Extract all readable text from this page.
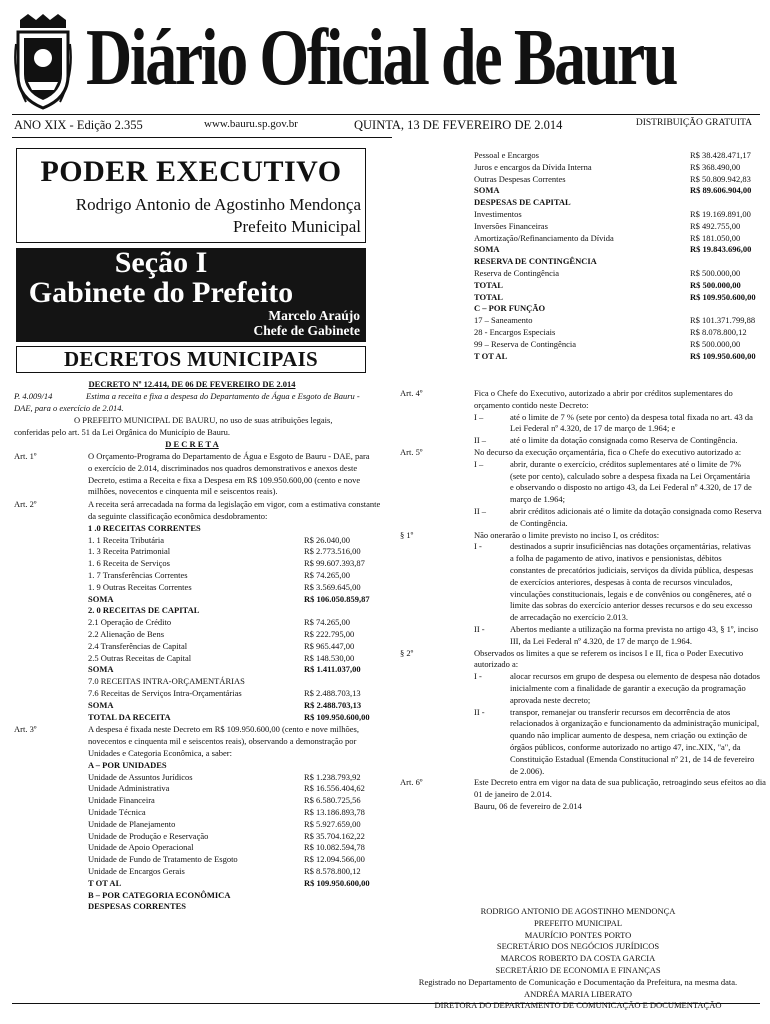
Diário Oficial de Bauru
ANO XIX - Edição 2.355	www.bauru.sp.gov.br	QUINTA, 13 DE FEVEREIRO DE 2.014	DISTRIBUIÇÃO GRATUITA
PODER EXECUTIVO
Rodrigo Antonio de Agostinho Mendonça
Prefeito Municipal
Seção I
Gabinete do Prefeito
Marcelo Araújo
Chefe de Gabinete
DECRETOS MUNICIPAIS
DECRETO Nº 12.414, DE 06 DE FEVEREIRO DE 2.014
P. 4.009/14	Estima a receita e fixa a despesa do Departamento de Água e Esgoto de Bauru -
DAE, para o exercício de 2.014.
O PREFEITO MUNICIPAL DE BAURU, no uso de suas atribuições legais,
conferidas pelo art. 51 da Lei Orgânica do Município de Bauru.
D E C R E T A
O Orçamento-Programa do Departamento de Água e Esgoto de Bauru - DAE, para
Art. 1º
o exercício de 2.014, discriminados nos quadros demonstrativos e anexos deste
Decreto, estima a Receita e fixa a Despesa em R$ 109.950.600,00 (cento e nove
milhões, novecentos e cinquenta mil e seiscentos reais).
A receita será arrecadada na forma da legislação em vigor, com a estimativa constante
Art. 2º
da seguinte classificação econômica desdobramento:
1 .0 RECEITAS CORRENTES
1. 1 Receita Tributária	R$ 26.040,00
1. 3 Receita Patrimonial	R$ 2.773.516,00
1. 6 Receita de Serviços	R$ 99.607.393,87
1. 7 Transferências Correntes	R$ 74.265,00
1. 9 Outras Receitas Correntes	R$ 3.569.645,00
SOMA	R$ 106.050.859,87
2. 0 RECEITAS DE CAPITAL
2.1 Operação de Crédito	R$ 74.265,00
2.2 Alienação de Bens	R$ 222.795,00
2.4 Transferências de Capital	R$ 965.447,00
2.5 Outras Receitas de Capital	R$ 148.530,00
SOMA	R$ 1.411.037,00
7.0 RECEITAS INTRA-ORÇAMENTÁRIAS
7.6 Receitas de Serviços Intra-Orçamentárias	R$ 2.488.703,13
SOMA	R$ 2.488.703,13
TOTAL DA RECEITA	R$ 109.950.600,00
A despesa é fixada neste Decreto em R$ 109.950.600,00 (cento e nove milhões,
Art. 3º
novecentos e cinquenta mil e seiscentos reais), observando a demonstração por
Unidades e Categoria Econômica, a saber:
A – POR UNIDADES
Unidade de Assuntos Jurídicos	R$ 1.238.793,92
Unidade Administrativa	R$ 16.556.404,62
Unidade Financeira	R$ 6.580.725,56
Unidade Técnica	R$ 13.186.893,78
Unidade de Planejamento	R$ 5.927.659,00
Unidade de Produção e Reservação	R$ 35.704.162,22
Unidade de Apoio Operacional	R$ 10.082.594,78
Unidade de Fundo de Tratamento de Esgoto	R$ 12.094.566,00
Unidade de Encargos Gerais	R$ 8.578.800,12
T OT AL	R$ 109.950.600,00
B – POR CATEGORIA ECONÔMICA
DESPESAS CORRENTES
Pessoal e Encargos	R$ 38.428.471,17
Juros e encargos da Dívida Interna	R$ 368.490,00
Outras Despesas Correntes	R$ 50.809.942,83
SOMA	R$ 89.606.904,00
DESPESAS DE CAPITAL
Investimentos	R$ 19.169.891,00
Inversões Financeiras	R$ 492.755,00
Amortização/Refinanciamento da Dívida	R$ 181.050,00
SOMA	R$ 19.843.696,00
RESERVA DE CONTINGÊNCIA
Reserva de Contingência	R$ 500.000,00
TOTAL	R$ 500.000,00
TOTAL	R$ 109.950.600,00
C – POR FUNÇÃO
17 – Saneamento	R$ 101.371.799,88
28 - Encargos Especiais	R$ 8.078.800,12
99 – Reserva de Contingência	R$ 500.000,00
T OT AL	R$ 109.950.600,00
Fica o Chefe do Executivo, autorizado a abrir por créditos suplementares do
Art. 4º
orçamento contido neste Decreto:
até o limite de 7 % (sete por cento) da despesa total fixada no art. 43 da
I –
Lei Federal nº 4.320, de 17 de março de 1.964; e
até o limite da dotação consignada como Reserva de Contingência.
II –
No decurso da execução orçamentária, fica o Chefe do executivo autorizado a:
Art. 5º
abrir, durante o exercício, créditos suplementares até o limite de 7%
I –
(sete por cento), calculado sobre a despesa fixada na Lei Orçamentária
e observando o disposto no artigo 43, da Lei Federal nº 4.320, de 17 de
março de 1.964;
abrir créditos adicionais até o limite da dotação consignada como Reserva
II –
de Contingência.
Não onerarão o limite previsto no inciso I, os créditos:
§ 1º
destinados a suprir insuficiências nas dotações orçamentárias, relativas
I -
a folha de pagamento de ativo, inativos e pensionistas, débitos
constantes de precatórios judiciais, serviços da dívida pública, despesas
de exercícios anteriores, despesas à conta de recursos vinculados,
vinculações constitucionais, legais e de convênios ou congêneres, até o
limite das sobras do exercício anterior desses recursos e do seu excesso
de arrecadação no exercício 2.013.
Abertos mediante a utilização na forma prevista no artigo 43, § 1º, inciso
II -
III, da Lei Federal nº 4.320, de 17 de março de 1.964.
Observados os limites a que se referem os incisos I e II, fica o Poder Executivo
§ 2º
autorizado a:
alocar recursos em grupo de despesa ou elemento de despesa não dotados
I -
inicialmente com a finalidade de garantir a execução da programação
aprovada neste decreto;
transpor, remanejar ou transferir recursos em decorrência de atos
II -
relacionados à organização e funcionamento da administração municipal,
quando não implicar aumento de despesa, nem criação ou extinção de
órgãos públicos, conforme autorizado no artigo 47, inc.XIX, "a", da
Constituição Estadual (Emenda Constitucional nº 21, de 14 de fevereiro
de 2.006).
Este Decreto entra em vigor na data de sua publicação, retroagindo seus efeitos ao dia
Art. 6º
01 de janeiro de 2.014.
Bauru, 06 de fevereiro de 2.014
RODRIGO ANTONIO DE AGOSTINHO MENDONÇA
PREFEITO MUNICIPAL
MAURÍCIO PONTES PORTO
SECRETÁRIO DOS NEGÓCIOS JURÍDICOS
MARCOS ROBERTO DA COSTA GARCIA
SECRETÁRIO DE ECONOMIA E FINANÇAS
Registrado no Departamento de Comunicação e Documentação da Prefeitura, na mesma data.
ANDRÉA MARIA LIBERATO
DIRETORA DO DEPARTAMENTO DE COMUNICAÇÃO E DOCUMENTAÇÃO
